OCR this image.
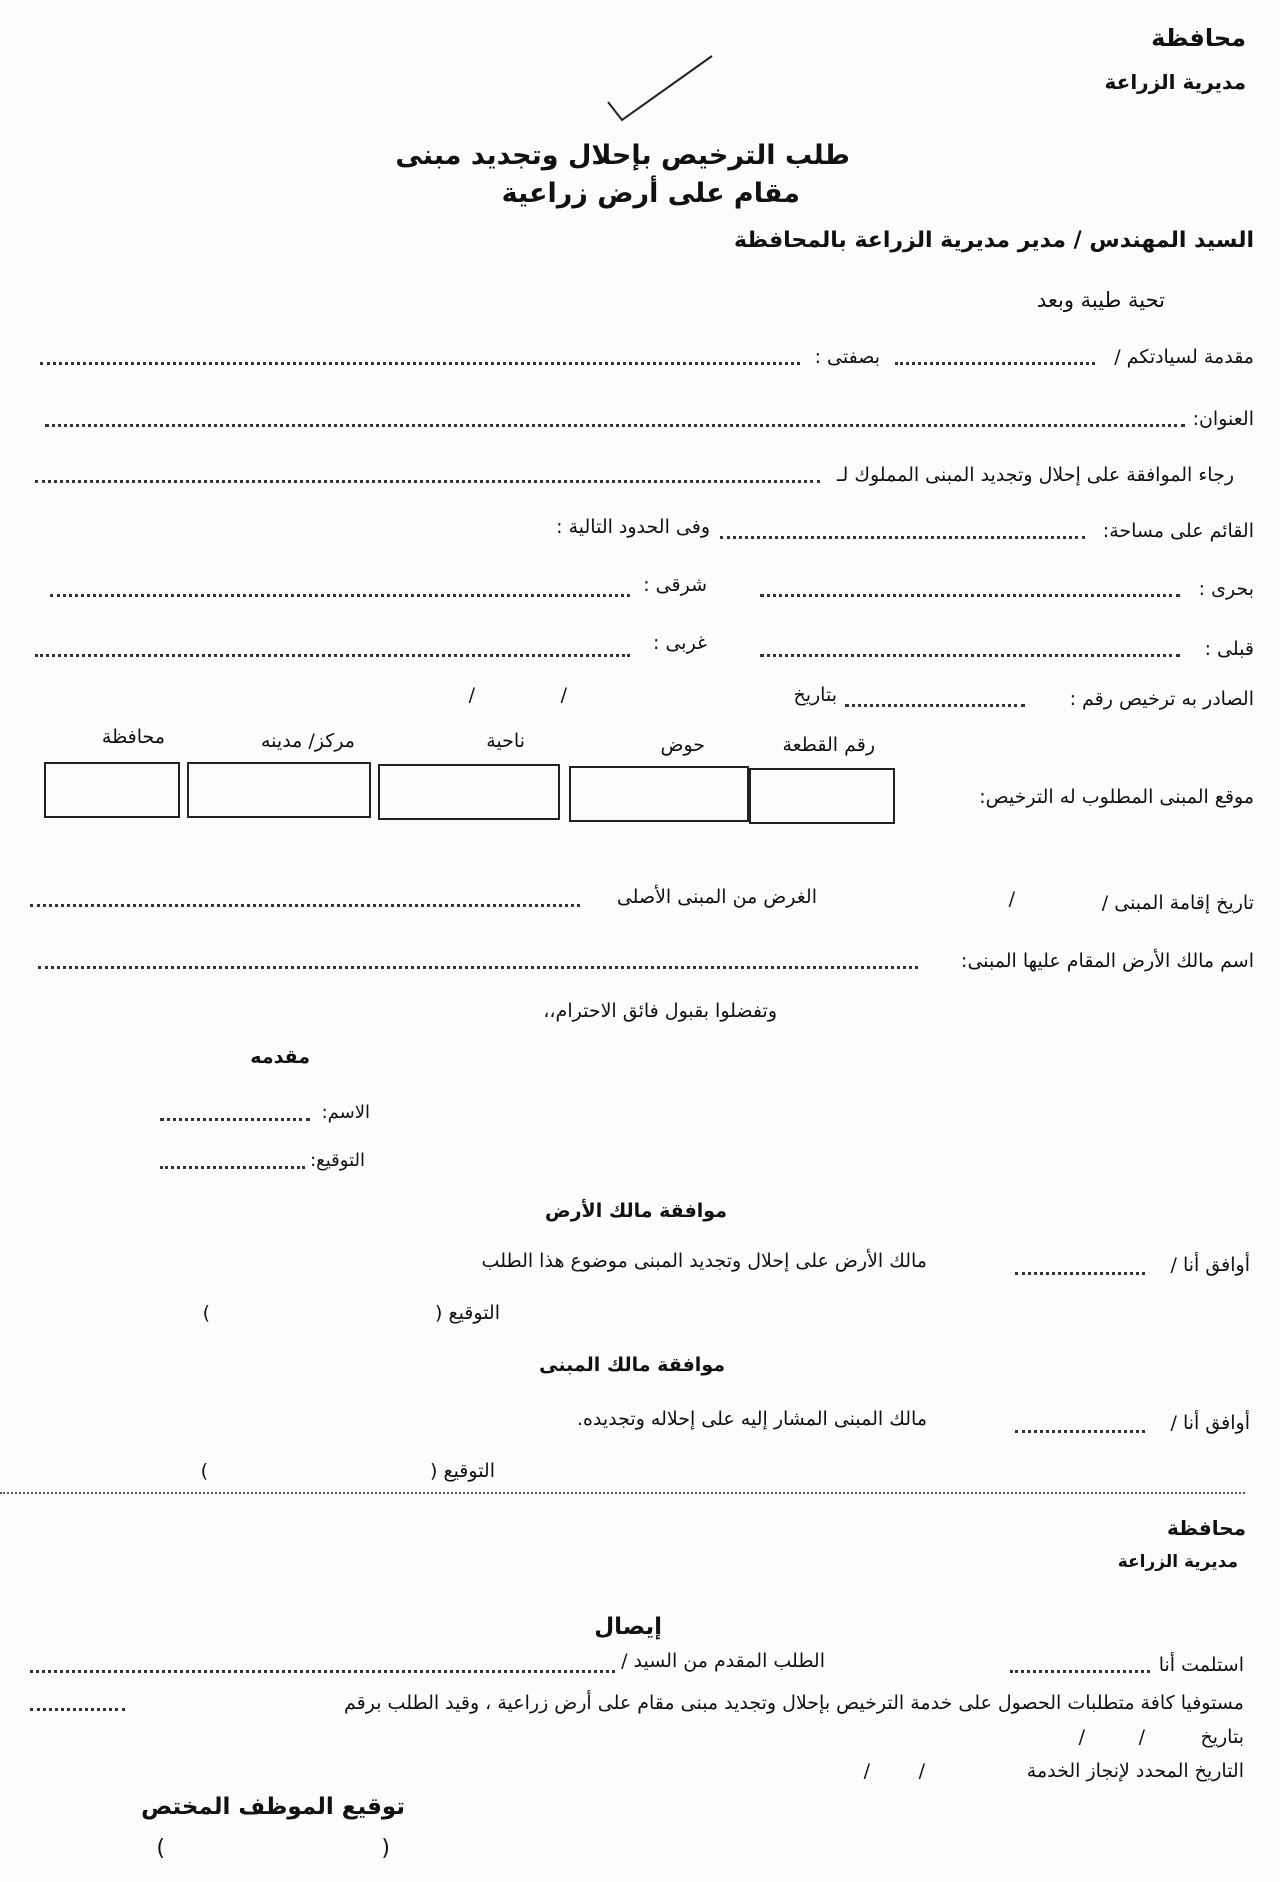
محافظة
مديرية الزراعة
طلب الترخيص بإحلال وتجديد مبنى
مقام على أرض زراعية
السيد المهندس / مدير مديرية الزراعة بالمحافظة
تحية طيبة وبعد
مقدمة لسيادتكم /
بصفتى :
العنوان:
رجاء الموافقة على إحلال وتجديد المبنى المملوك لـ
القائم على مساحة:
وفى الحدود التالية :
بحرى :
شرقى :
قبلى :
غربى :
الصادر به ترخيص رقم :
بتاريخ
/
/
رقم القطعة
حوض
ناحية
مركز/ مدينه
محافظة
موقع المبنى المطلوب له الترخيص:
تاريخ إقامة المبنى /
/
الغرض من المبنى الأصلى
اسم مالك الأرض المقام عليها المبنى:
وتفضلوا بقبول فائق الاحترام،،
مقدمه
الاسم:
التوقيع:
موافقة مالك الأرض
أوافق أنا /
مالك الأرض على إحلال وتجديد المبنى موضوع هذا الطلب
التوقيع (
)
موافقة مالك المبنى
أوافق أنا /
مالك المبنى المشار إليه على إحلاله وتجديده.
التوقيع (
)
محافظة
مديرية الزراعة
إيصال
استلمت أنا
الطلب المقدم من السيد /
مستوفيا كافة متطلبات الحصول على خدمة الترخيص بإحلال وتجديد مبنى مقام على أرض زراعية ، وقيد الطلب برقم
بتاريخ
/
/
التاريخ المحدد لإنجاز الخدمة
/
/
توقيع الموظف المختص
(
)
